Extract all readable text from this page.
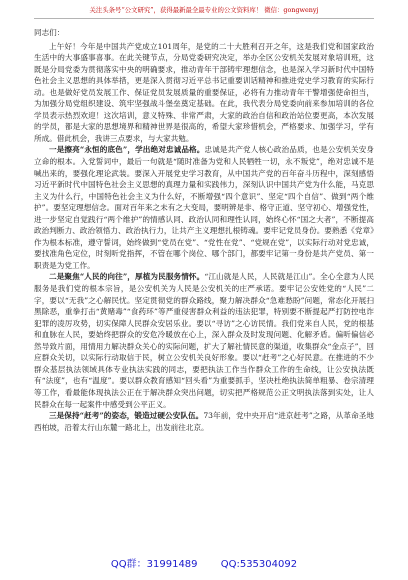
关注头条号“公文研究”，获得最新最全最专业的公文资料库！ 微信：gongwenyj

同志们：

上午好！今年是中国共产党成立101周年，是党的二十大胜利召开之年，这是我们党和国家政治生活中的大事盛事喜事。在此关键节点，分局党委研究决定，举办全区公安机关发展对象培训班，这既是分局党委为贯彻落实中央的明确要求，推动青年干部铸牢理想信念，也是深入学习新时代中国特色社会主义思想的具体举措，更是深入贯彻习近平总书记重要训话精神和推进党史学习教育的实际行动。也是做好党员发展工作、保证党员发展质量的重要保证，必将有力推动青年干警增强使命担当，为加强分局党组织建设、筑牢坚强战斗堡垒奠定基础。在此，我代表分局党委向前来参加培训的各位学员表示热烈欢迎！这次培训，意义特殊、非常严肃，大家的政治自信和政治站位要更高，本次发展的学员，都是大家的思想境界和精神世界是很高的，希望大家珍惜机会，严格要求、加强学习，学有所成。借此机会，我讲三点要求，与大家共勉。

一是擦亮“永恒的底色”，学出绝对忠诚品格。忠诚是共产党人核心政治品质，也是公安机关安身立命的根本。入党誓词中，最后一句就是“随时准备为党和人民牺牲一切，永不叛党”，绝对忠诚不是喊出来的，要强化理论武装。要深入开展党史学习教育，从中国共产党的百年奋斗历程中，深刻感悟习近平新时代中国特色社会主义思想的真理力量和实践伟力，深刻认识中国共产党为什么能，马克思主义为什么行，中国特色社会主义为什么好，不断增强“四个意识”、坚定“四个自信”、做到“两个维护”。要坚定理想信念。面对百年来之未有之大变局，要明辨是非、格守正道、坚守初心、增强党性，进一步坚定自觉践行“两个维护”的情感认同、政治认同和理性认同，始终心怀“国之大者”，不断提高政治判断力、政治领悟力、政治执行力，让共产主义理想扎根铸魂。要牢记党员身份。要熟悉《党章》作为根本标准，遵守誓词，始终做到“党员在党”、“党性在党”、“党规在党”，以实际行动对党忠诚，要找准角色定位，时刻听党指挥，不管在哪个岗位、哪个部门，都要牢记第一身份是共产党员、第一职责是为党工作。

二是聚焦“人民的向往”，厚植为民服务情怀。“江山就是人民，人民就是江山”。全心全意为人民服务是我们党的根本宗旨，是公安机关为人民是公安机关的庄严承诺。要牢记公安姓党的“人民”二字，要以“无我”之心解民忧。坚定贯彻党的群众路线，聚力解决群众“急难愁盼”问题，常态化开展扫黑除恶，重拳打击“黄赌毒”“食药环”等严重侵害群众利益的违法犯罪，特别要不断提起严打防控电诈犯罪的凌厉攻势，切实保障人民群众安居乐业。要以“寻访”之心访民情。我们党来自人民，党的根基和血脉在人民，要始终把群众的安危冷暖放在心上，深入群众及时发现问题、化解矛盾。偏听偏信必然导致片面，用情用力解决群众关心的实际问题，扩大了解社情民意的渠道，收集群众“金点子”，回应群众关切，以实际行动取信于民，树立公安机关良好形象。要以“赶考”之心好民意。在推进的不少群众基层执法领域具体专业执法实践的同志，要把执法工作当作群众工作的生命线，让公安执法既有“法度”，也有“温度”。要以群众教育感知“回头看”为重要抓手，坚决杜绝执法简单粗暴、卷宗清理等工作，看最能体现执法公正在于解决群众突出问题，切实把严格规范公正文明执法落到实处，让人民群众在每一起案件中感受到公平正义。

三是保持“赶考”的姿态，锻造过硬公安队伍。73年前，党中央开启“进京赶考”之路，从革命圣地西柏坡，沿着太行山东麓一路北上，出发前往北京。

QQ群：31991489 QQ:535304092
